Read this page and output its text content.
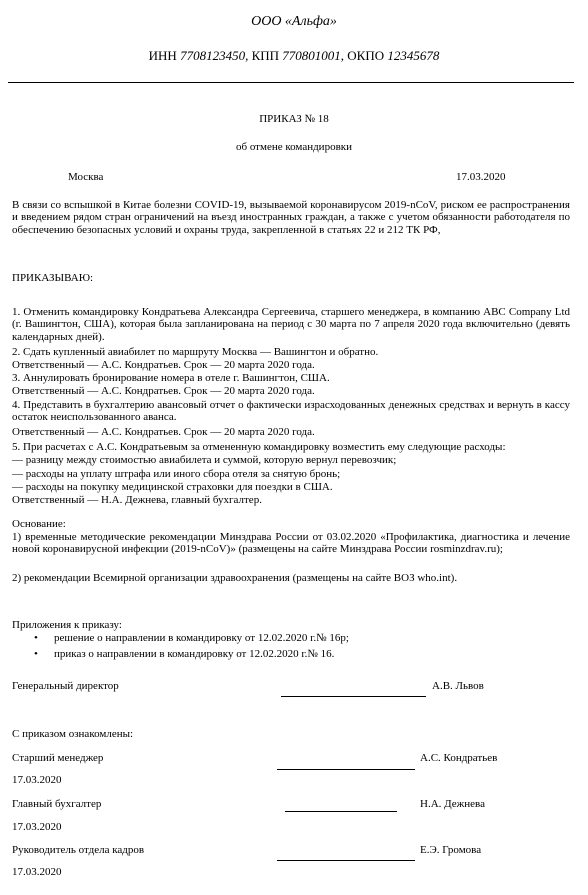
ООО «Альфа»
ИНН 7708123450, КПП 770801001, ОКПО 12345678
ПРИКАЗ № 18
об отмене командировки
Москва	17.03.2020
В связи со вспышкой в Китае болезни COVID-19, вызываемой коронавирусом 2019-nCoV, риском ее распространения и введением рядом стран ограничений на въезд иностранных граждан, а также с учетом обязанности работодателя по обеспечению безопасных условий и охраны труда, закрепленной в статьях 22 и 212 ТК РФ,
ПРИКАЗЫВАЮ:
1. Отменить командировку Кондратьева Александра Сергеевича, старшего менеджера, в компанию ABC Company Ltd (г. Вашингтон, США), которая была запланирована на период с 30 марта по 7 апреля 2020 года включительно (девять календарных дней).
2. Сдать купленный авиабилет по маршруту Москва — Вашингтон и обратно.
Ответственный — А.С. Кондратьев. Срок — 20 марта 2020 года.
3. Аннулировать бронирование номера в отеле г. Вашингтон, США.
Ответственный — А.С. Кондратьев. Срок — 20 марта 2020 года.
4. Представить в бухгалтерию авансовый отчет о фактически израсходованных денежных средствах и вернуть в кассу остаток неиспользованного аванса.
Ответственный — А.С. Кондратьев. Срок — 20 марта 2020 года.
5. При расчетах с А.С. Кондратьевым за отмененную командировку возместить ему следующие расходы:
— разницу между стоимостью авиабилета и суммой, которую вернул перевозчик;
— расходы на уплату штрафа или иного сбора отеля за снятую бронь;
— расходы на покупку медицинской страховки для поездки в США.
Ответственный — Н.А. Дежнева, главный бухгалтер.
Основание:
1) временные методические рекомендации Минздрава России от 03.02.2020 «Профилактика, диагностика и лечение новой коронавирусной инфекции (2019-nCoV)» (размещены на сайте Минздрава России rosminzdrav.ru);
2) рекомендации Всемирной организации здравоохранения (размещены на сайте ВОЗ who.int).
Приложения к приказу:
• решение о направлении в командировку от 12.02.2020 г.№ 16р;
• приказ о направлении в командировку от 12.02.2020 г.№ 16.
Генеральный директор	А.В. Львов
С приказом ознакомлены:
Старший менеджер	А.С. Кондратьев
17.03.2020
Главный бухгалтер	Н.А. Дежнева
17.03.2020
Руководитель отдела кадров	Е.Э. Громова
17.03.2020
